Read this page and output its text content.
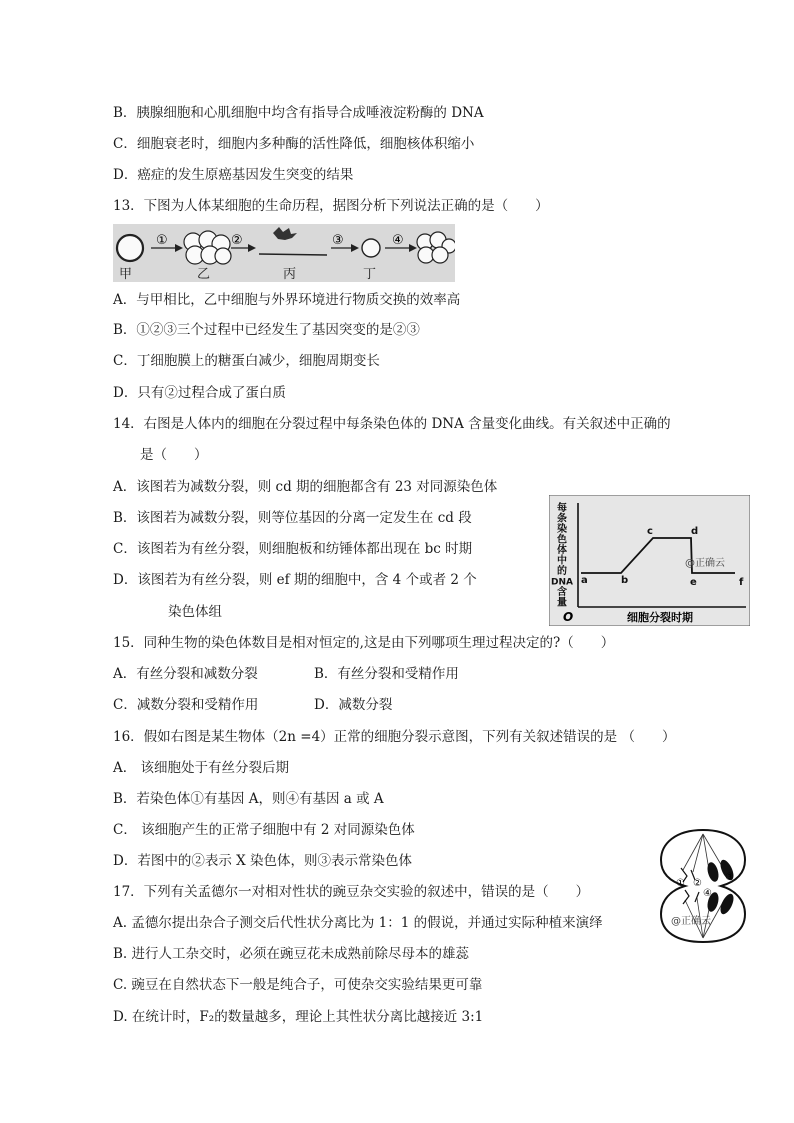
B．胰腺细胞和心肌细胞中均含有指导合成唾液淀粉酶的 DNA
C．细胞衰老时，细胞内多种酶的活性降低，细胞核体积缩小
D．癌症的发生原癌基因发生突变的结果
13．下图为人体某细胞的生命历程，据图分析下列说法正确的是（　　）
①	②	③	④
甲	乙	丙	丁
A．与甲相比，乙中细胞与外界环境进行物质交换的效率高
B．①②③三个过程中已经发生了基因突变的是②③
C．丁细胞膜上的糖蛋白减少，细胞周期变长
D．只有②过程合成了蛋白质
14．右图是人体内的细胞在分裂过程中每条染色体的 DNA 含量变化曲线。有关叙述中正确的
是（　　）
A．该图若为减数分裂，则 cd 期的细胞都含有 23 对同源染色体
B．该图若为减数分裂，则等位基因的分离一定发生在 cd 段
C．该图若为有丝分裂，则细胞板和纺锤体都出现在 bc 时期
D．该图若为有丝分裂，则 ef 期的细胞中，含 4 个或者 2 个
染色体组
每
条
染
色
体
中
的
DNA
含
量
a	b
c	d
e	f
O	细胞分裂时期
@正确云
15．同种生物的染色体数目是相对恒定的,这是由下列哪项生理过程决定的?（　　）
A．有丝分裂和减数分裂	B．有丝分裂和受精作用
C．减数分裂和受精作用	D．减数分裂
16．假如右图是某生物体（2n =4）正常的细胞分裂示意图，下列有关叙述错误的是 （　　）
A． 该细胞处于有丝分裂后期
B．若染色体①有基因 A，则④有基因 a 或 A
C． 该细胞产生的正常子细胞中有 2 对同源染色体
D．若图中的②表示 X 染色体，则③表示常染色体
① ②
③
④
@正确云
17．下列有关孟德尔一对相对性状的豌豆杂交实验的叙述中，错误的是（　　）
A. 孟德尔提出杂合子测交后代性状分离比为 1：1 的假说，并通过实际种植来演绎
B. 进行人工杂交时，必须在豌豆花未成熟前除尽母本的雄蕊
C. 豌豆在自然状态下一般是纯合子，可使杂交实验结果更可靠
D. 在统计时，F₂的数量越多，理论上其性状分离比越接近 3:1
